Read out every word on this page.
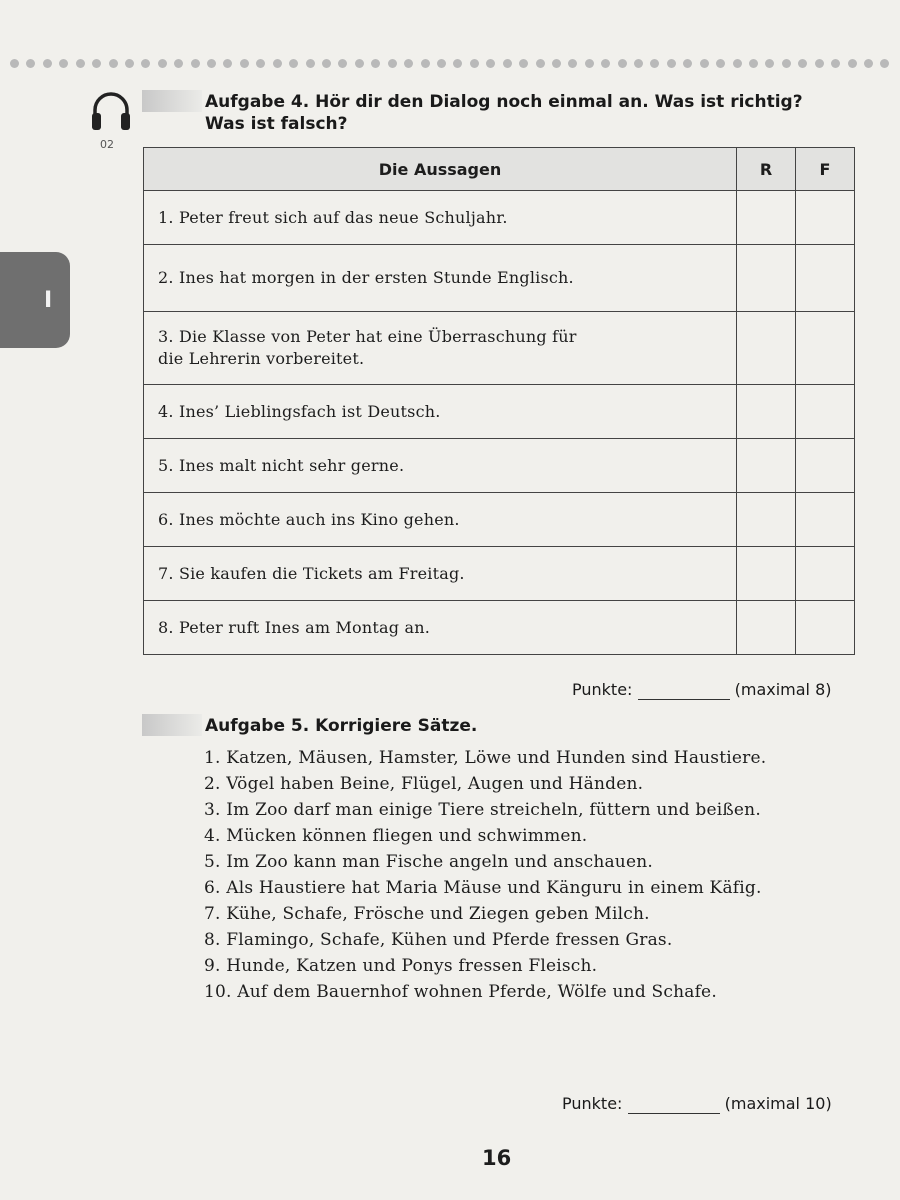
02
I
Aufgabe 4. Hör dir den Dialog noch einmal an. Was ist richtig?
Was ist falsch?
Die Aussagen	R	F

1. Peter freut sich auf das neue Schuljahr.		

2. Ines hat morgen in der ersten Stunde Englisch.		

3. Die Klasse von Peter hat eine Überraschung für
die Lehrerin vorbereitet.		

4. Ines’ Lieblingsfach ist Deutsch.		

5. Ines malt nicht sehr gerne.		

6. Ines möchte auch ins Kino gehen.		

7. Sie kaufen die Tickets am Freitag.		

8. Peter ruft Ines am Montag an.		

Punkte:	(maximal 8)
Aufgabe 5. Korrigiere Sätze.
1. Katzen, Mäusen, Hamster, Löwe und Hunden sind Haustiere.
2. Vögel haben Beine, Flügel, Augen und Händen.
3. Im Zoo darf man einige Tiere streicheln, füttern und beißen.
4. Mücken können fliegen und schwimmen.
5. Im Zoo kann man Fische angeln und anschauen.
6. Als Haustiere hat Maria Mäuse und Känguru in einem Käfig.
7. Kühe, Schafe, Frösche und Ziegen geben Milch.
8. Flamingo, Schafe, Kühen und Pferde fressen Gras.
9. Hunde, Katzen und Ponys fressen Fleisch.
10. Auf dem Bauernhof wohnen Pferde, Wölfe und Schafe.
Punkte:	(maximal 10)
16
